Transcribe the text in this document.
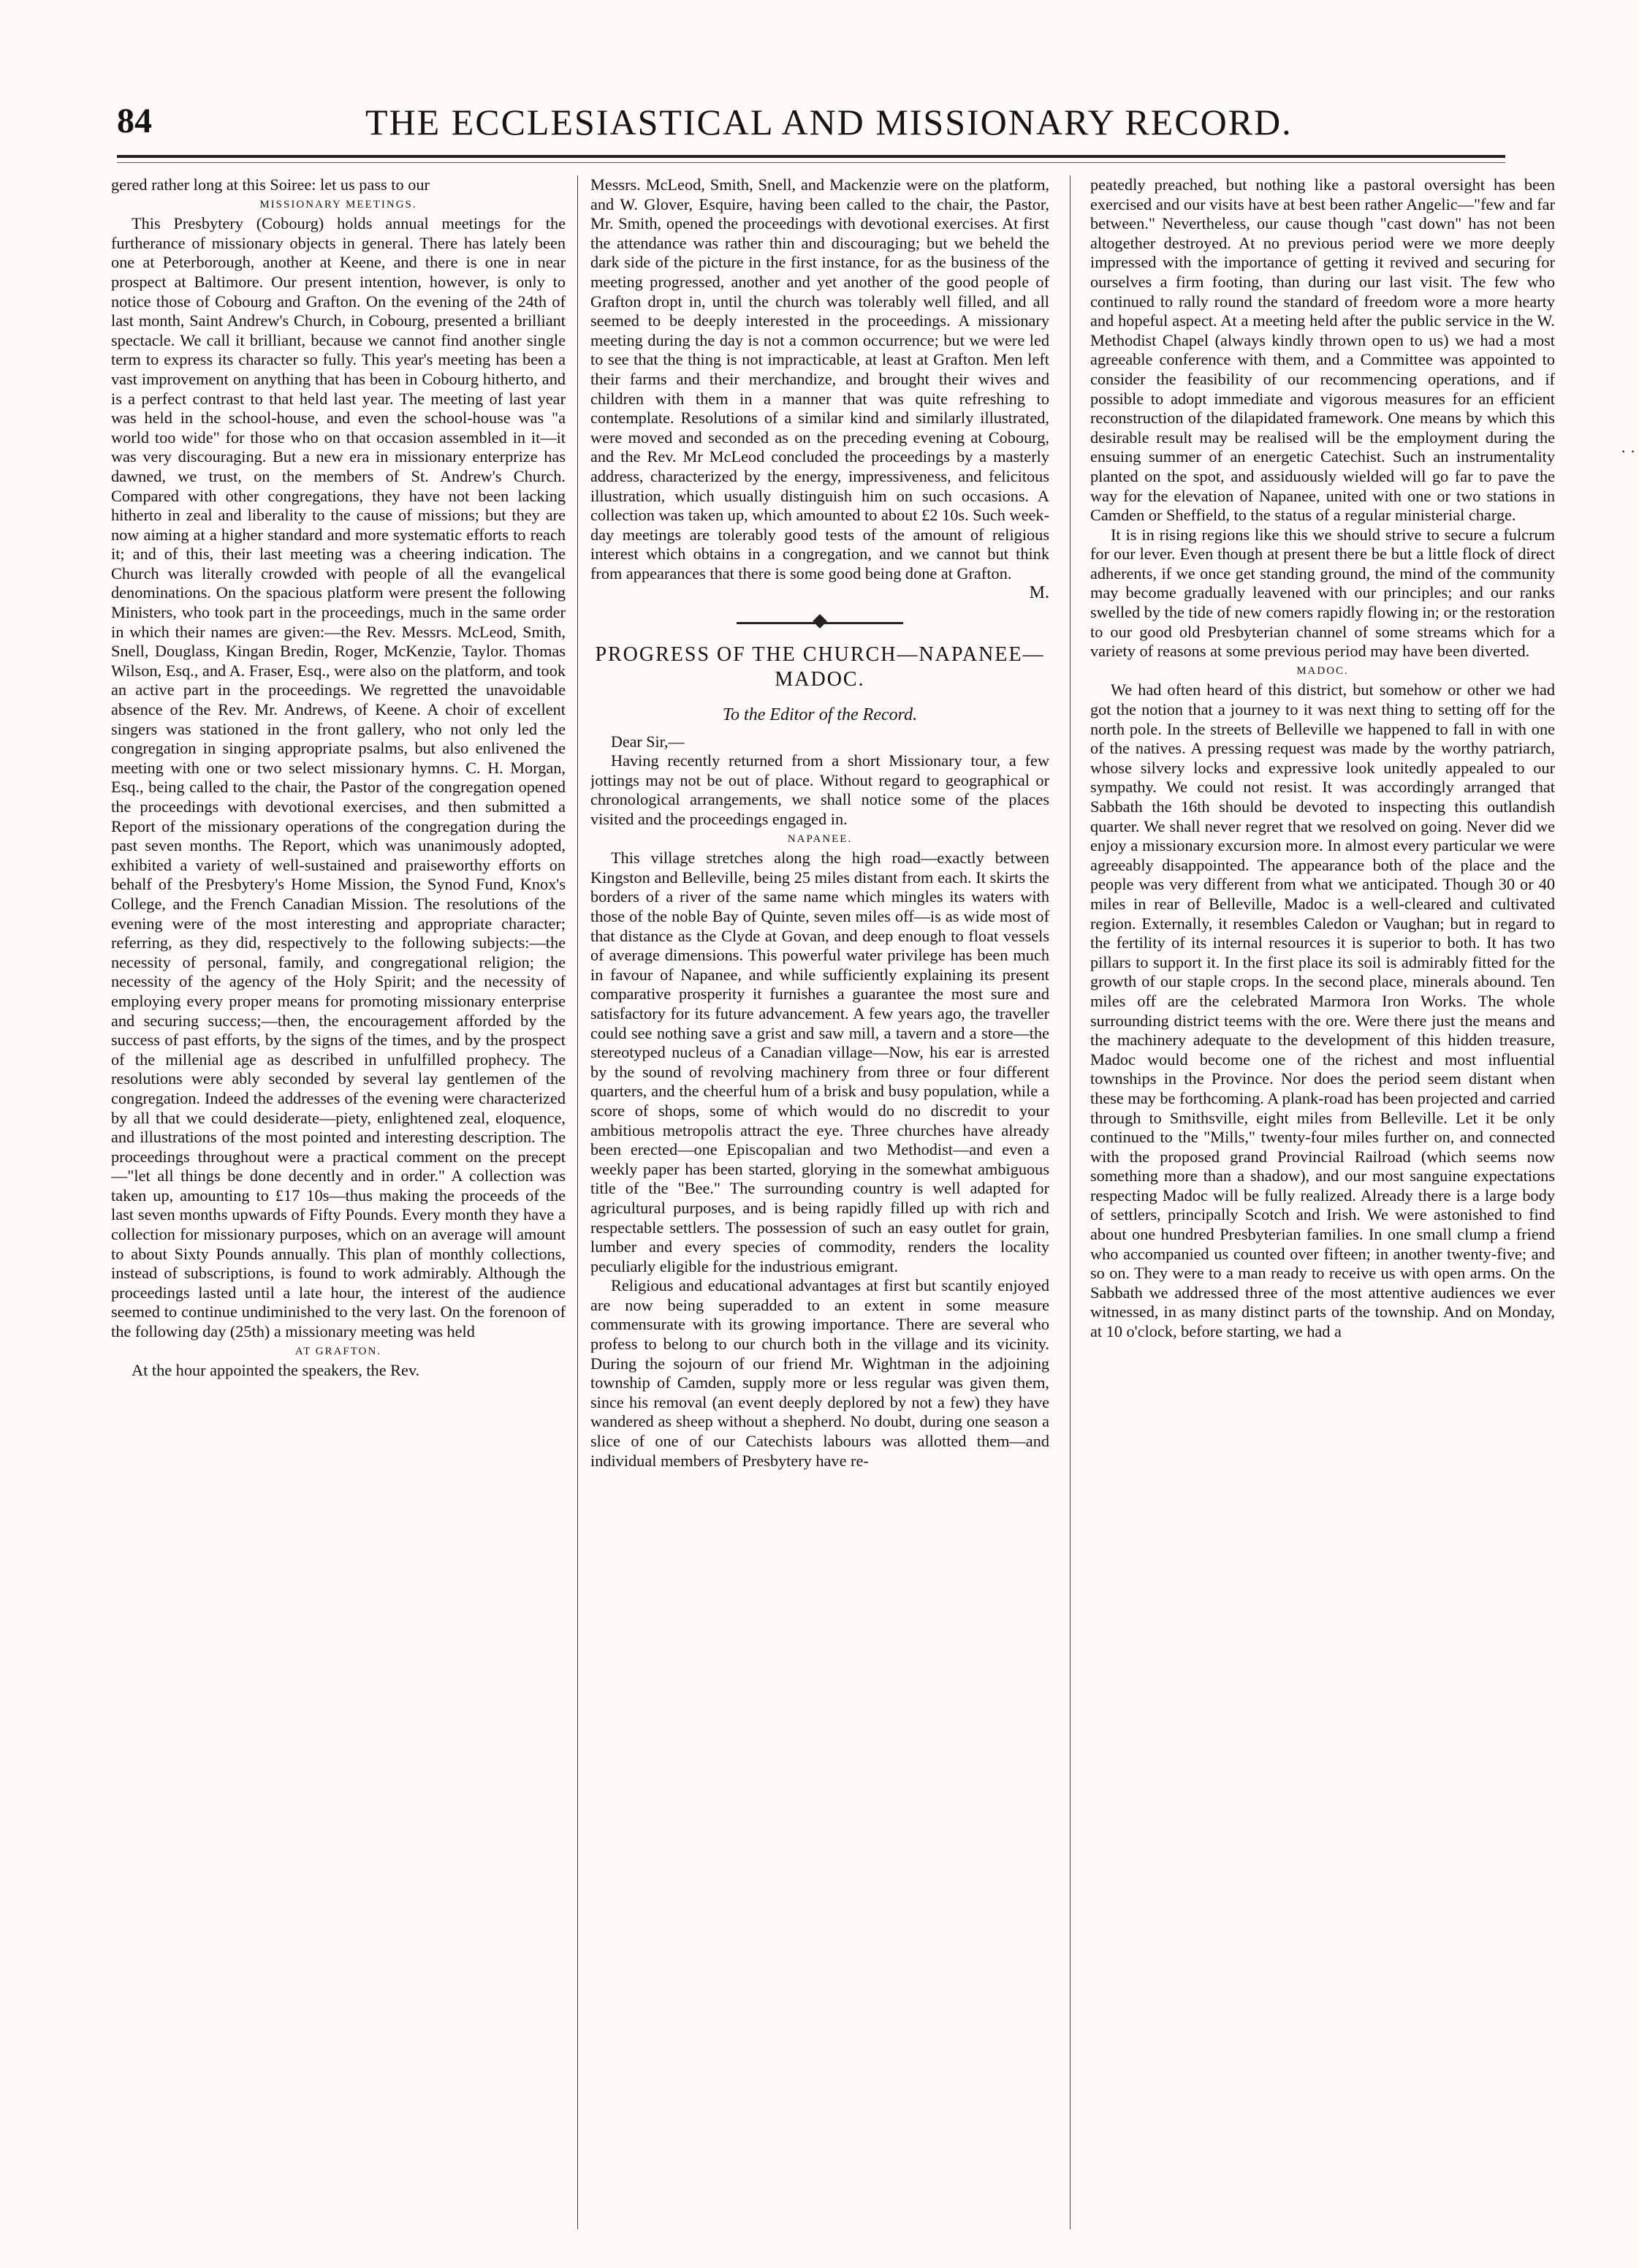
84	THE ECCLESIASTICAL AND MISSIONARY RECORD.

gered rather long at this Soiree: let us pass to our

MISSIONARY MEETINGS.

This Presbytery (Cobourg) holds annual meetings for the furtherance of missionary objects in general. There has lately been one at Peterborough, another at Keene, and there is one in near prospect at Baltimore. Our present intention, however, is only to notice those of Cobourg and Grafton. On the evening of the 24th of last month, Saint Andrew's Church, in Cobourg, presented a brilliant spectacle. We call it brilliant, because we cannot find another single term to express its character so fully. This year's meeting has been a vast improvement on anything that has been in Cobourg hitherto, and is a perfect contrast to that held last year. The meeting of last year was held in the school-house, and even the school-house was "a world too wide" for those who on that occasion assembled in it—it was very discouraging. But a new era in missionary enterprize has dawned, we trust, on the members of St. Andrew's Church. Compared with other congregations, they have not been lacking hitherto in zeal and liberality to the cause of missions; but they are now aiming at a higher standard and more systematic efforts to reach it; and of this, their last meeting was a cheering indication. The Church was literally crowded with people of all the evangelical denominations. On the spacious platform were present the following Ministers, who took part in the proceedings, much in the same order in which their names are given:—the Rev. Messrs. McLeod, Smith, Snell, Douglass, Kingan Bredin, Roger, McKenzie, Taylor. Thomas Wilson, Esq., and A. Fraser, Esq., were also on the platform, and took an active part in the proceedings. We regretted the unavoidable absence of the Rev. Mr. Andrews, of Keene. A choir of excellent singers was stationed in the front gallery, who not only led the congregation in singing appropriate psalms, but also enlivened the meeting with one or two select missionary hymns. C. H. Morgan, Esq., being called to the chair, the Pastor of the congregation opened the proceedings with devotional exercises, and then submitted a Report of the missionary operations of the congregation during the past seven months. The Report, which was unanimously adopted, exhibited a variety of well-sustained and praiseworthy efforts on behalf of the Presbytery's Home Mission, the Synod Fund, Knox's College, and the French Canadian Mission. The resolutions of the evening were of the most interesting and appropriate character; referring, as they did, respectively to the following subjects:—the necessity of personal, family, and congregational religion; the necessity of the agency of the Holy Spirit; and the necessity of employing every proper means for promoting missionary enterprise and securing success;—then, the encouragement afforded by the success of past efforts, by the signs of the times, and by the prospect of the millenial age as described in unfulfilled prophecy. The resolutions were ably seconded by several lay gentlemen of the congregation. Indeed the addresses of the evening were characterized by all that we could desiderate—piety, enlightened zeal, eloquence, and illustrations of the most pointed and interesting description. The proceedings throughout were a practical comment on the precept—"let all things be done decently and in order." A collection was taken up, amounting to £17 10s—thus making the proceeds of the last seven months upwards of Fifty Pounds. Every month they have a collection for missionary purposes, which on an average will amount to about Sixty Pounds annually. This plan of monthly collections, instead of subscriptions, is found to work admirably. Although the proceedings lasted until a late hour, the interest of the audience seemed to continue undiminished to the very last. On the forenoon of the following day (25th) a missionary meeting was held

AT GRAFTON.

At the hour appointed the speakers, the Rev.

Messrs. McLeod, Smith, Snell, and Mackenzie were on the platform, and W. Glover, Esquire, having been called to the chair, the Pastor, Mr. Smith, opened the proceedings with devotional exercises. At first the attendance was rather thin and discouraging; but we beheld the dark side of the picture in the first instance, for as the business of the meeting progressed, another and yet another of the good people of Grafton dropt in, until the church was tolerably well filled, and all seemed to be deeply interested in the proceedings. A missionary meeting during the day is not a common occurrence; but we were led to see that the thing is not impracticable, at least at Grafton. Men left their farms and their merchandize, and brought their wives and children with them in a manner that was quite refreshing to contemplate. Resolutions of a similar kind and similarly illustrated, were moved and seconded as on the preceding evening at Cobourg, and the Rev. Mr McLeod concluded the proceedings by a masterly address, characterized by the energy, impressiveness, and felicitous illustration, which usually distinguish him on such occasions. A collection was taken up, which amounted to about £2 10s. Such week-day meetings are tolerably good tests of the amount of religious interest which obtains in a congregation, and we cannot but think from appearances that there is some good being done at Grafton.

M.
PROGRESS OF THE CHURCH—NAPANEE—MADOC.
To the Editor of the Record.

Dear Sir,—

Having recently returned from a short Missionary tour, a few jottings may not be out of place. Without regard to geographical or chronological arrangements, we shall notice some of the places visited and the proceedings engaged in.

NAPANEE.

This village stretches along the high road—exactly between Kingston and Belleville, being 25 miles distant from each. It skirts the borders of a river of the same name which mingles its waters with those of the noble Bay of Quinte, seven miles off—is as wide most of that distance as the Clyde at Govan, and deep enough to float vessels of average dimensions. This powerful water privilege has been much in favour of Napanee, and while sufficiently explaining its present comparative prosperity it furnishes a guarantee the most sure and satisfactory for its future advancement. A few years ago, the traveller could see nothing save a grist and saw mill, a tavern and a store—the stereotyped nucleus of a Canadian village—Now, his ear is arrested by the sound of revolving machinery from three or four different quarters, and the cheerful hum of a brisk and busy population, while a score of shops, some of which would do no discredit to your ambitious metropolis attract the eye. Three churches have already been erected—one Episcopalian and two Methodist—and even a weekly paper has been started, glorying in the somewhat ambiguous title of the "Bee." The surrounding country is well adapted for agricultural purposes, and is being rapidly filled up with rich and respectable settlers. The possession of such an easy outlet for grain, lumber and every species of commodity, renders the locality peculiarly eligible for the industrious emigrant.

Religious and educational advantages at first but scantily enjoyed are now being superadded to an extent in some measure commensurate with its growing importance. There are several who profess to belong to our church both in the village and its vicinity. During the sojourn of our friend Mr. Wightman in the adjoining township of Camden, supply more or less regular was given them, since his removal (an event deeply deplored by not a few) they have wandered as sheep without a shepherd. No doubt, during one season a slice of one of our Catechists labours was allotted them—and individual members of Presbytery have re-

peatedly preached, but nothing like a pastoral oversight has been exercised and our visits have at best been rather Angelic—"few and far between." Nevertheless, our cause though "cast down" has not been altogether destroyed. At no previous period were we more deeply impressed with the importance of getting it revived and securing for ourselves a firm footing, than during our last visit. The few who continued to rally round the standard of freedom wore a more hearty and hopeful aspect. At a meeting held after the public service in the W. Methodist Chapel (always kindly thrown open to us) we had a most agreeable conference with them, and a Committee was appointed to consider the feasibility of our recommencing operations, and if possible to adopt immediate and vigorous measures for an efficient reconstruction of the dilapidated framework. One means by which this desirable result may be realised will be the employment during the ensuing summer of an energetic Catechist. Such an instrumentality planted on the spot, and assiduously wielded will go far to pave the way for the elevation of Napanee, united with one or two stations in Camden or Sheffield, to the status of a regular ministerial charge.

It is in rising regions like this we should strive to secure a fulcrum for our lever. Even though at present there be but a little flock of direct adherents, if we once get standing ground, the mind of the community may become gradually leavened with our principles; and our ranks swelled by the tide of new comers rapidly flowing in; or the restoration to our good old Presbyterian channel of some streams which for a variety of reasons at some previous period may have been diverted.

MADOC.

We had often heard of this district, but somehow or other we had got the notion that a journey to it was next thing to setting off for the north pole. In the streets of Belleville we happened to fall in with one of the natives. A pressing request was made by the worthy patriarch, whose silvery locks and expressive look unitedly appealed to our sympathy. We could not resist. It was accordingly arranged that Sabbath the 16th should be devoted to inspecting this outlandish quarter. We shall never regret that we resolved on going. Never did we enjoy a missionary excursion more. In almost every particular we were agreeably disappointed. The appearance both of the place and the people was very different from what we anticipated. Though 30 or 40 miles in rear of Belleville, Madoc is a well-cleared and cultivated region. Externally, it resembles Caledon or Vaughan; but in regard to the fertility of its internal resources it is superior to both. It has two pillars to support it. In the first place its soil is admirably fitted for the growth of our staple crops. In the second place, minerals abound. Ten miles off are the celebrated Marmora Iron Works. The whole surrounding district teems with the ore. Were there just the means and the machinery adequate to the development of this hidden treasure, Madoc would become one of the richest and most influential townships in the Province. Nor does the period seem distant when these may be forthcoming. A plank-road has been projected and carried through to Smithsville, eight miles from Belleville. Let it be only continued to the "Mills," twenty-four miles further on, and connected with the proposed grand Provincial Railroad (which seems now something more than a shadow), and our most sanguine expectations respecting Madoc will be fully realized. Already there is a large body of settlers, principally Scotch and Irish. We were astonished to find about one hundred Presbyterian families. In one small clump a friend who accompanied us counted over fifteen; in another twenty-five; and so on. They were to a man ready to receive us with open arms. On the Sabbath we addressed three of the most attentive audiences we ever witnessed, in as many distinct parts of the township. And on Monday, at 10 o'clock, before starting, we had a

· ·
